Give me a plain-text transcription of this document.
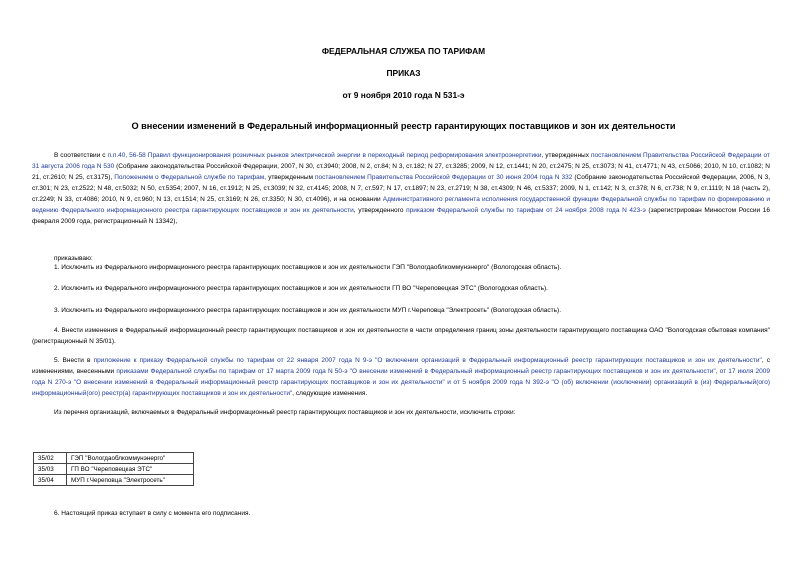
ФЕДЕРАЛЬНАЯ СЛУЖБА ПО ТАРИФАМ
ПРИКАЗ
от 9 ноября 2010 года N 531-э
О внесении изменений в Федеральный информационный реестр гарантирующих поставщиков и зон их деятельности
В соответствии с п.п.40, 56-58 Правил функционирования розничных рынков электрической энергии в переходный период реформирования электроэнергетики, утвержденных постановлением Правительства Российской Федерации от 31 августа 2006 года N 530 (Собрание законодательства Российской Федерации, 2007, N 30, ст.3940; 2008, N 2, ст.84; N 3, ст.182; N 27, ст.3285; 2009, N 12, ст.1441; N 20, ст.2475; N 25, ст.3073; N 41, ст.4771; N 43, ст.5066; 2010, N 10, ст.1082; N 21, ст.2610; N 25, ст.3175), Положением о Федеральной службе по тарифам, утвержденным постановлением Правительства Российской Федерации от 30 июня 2004 года N 332 (Собрание законодательства Российской Федерации, 2006, N 3, ст.301; N 23, ст.2522; N 48, ст.5032; N 50, ст.5354; 2007, N 16, ст.1912; N 25, ст.3039; N 32, ст.4145; 2008, N 7, ст.597; N 17, ст.1897; N 23, ст.2719; N 38, ст.4309; N 46, ст.5337; 2009, N 1, ст.142; N 3, ст.378; N 6, ст.738; N 9, ст.1119; N 18 (часть 2), ст.2249; N 33, ст.4086; 2010, N 9, ст.960; N 13, ст.1514; N 25, ст.3169; N 26, ст.3350; N 30, ст.4096), и на основании Административного регламента исполнения государственной функции Федеральной службы по тарифам по формированию и ведению Федерального информационного реестра гарантирующих поставщиков и зон их деятельности, утвержденного приказом Федеральной службы по тарифам от 24 ноября 2008 года N 423-э (зарегистрирован Минюстом России 16 февраля 2009 года, регистрационный N 13342),
приказываю:
1. Исключить из Федерального информационного реестра гарантирующих поставщиков и зон их деятельности ГЭП "Вологдаоблкоммунэнерго" (Вологодская область).
2. Исключить из Федерального информационного реестра гарантирующих поставщиков и зон их деятельности ГП ВО "Череповецкая ЭТС" (Вологодская область).
3. Исключить из Федерального информационного реестра гарантирующих поставщиков и зон их деятельности МУП г.Череповца "Электросеть" (Вологодская область).
4. Внести изменения в Федеральный информационный реестр гарантирующих поставщиков и зон их деятельности в части определения границ зоны деятельности гарантирующего поставщика ОАО "Вологодская сбытовая компания" (регистрационный N 35/01).
5. Внести в приложение к приказу Федеральной службы по тарифам от 22 января 2007 года N 9-э "О включении организаций в Федеральный информационный реестр гарантирующих поставщиков и зон их деятельности", с изменениями, внесенными приказами Федеральной службы по тарифам от 17 марта 2009 года N 50-э "О внесении изменений в Федеральный информационный реестр гарантирующих поставщиков и зон их деятельности", от 17 июля 2009 года N 270-э "О внесении изменений в Федеральный информационный реестр гарантирующих поставщиков и зон их деятельности" и от 5 ноября 2009 года N 392-э "О (об) включении (исключении) организаций в (из) Федеральный(ого) информационный(ого) реестр(а) гарантирующих поставщиков и зон их деятельности", следующие изменения.
Из перечня организаций, включаемых в Федеральный информационный реестр гарантирующих поставщиков и зон их деятельности, исключить строки:
35/02	ГЭП "Вологдаоблкоммунэнерго"
35/03	ГП ВО "Череповецкая ЭТС"
35/04	МУП г.Череповца "Электросеть"
6. Настоящий приказ вступает в силу с момента его подписания.
